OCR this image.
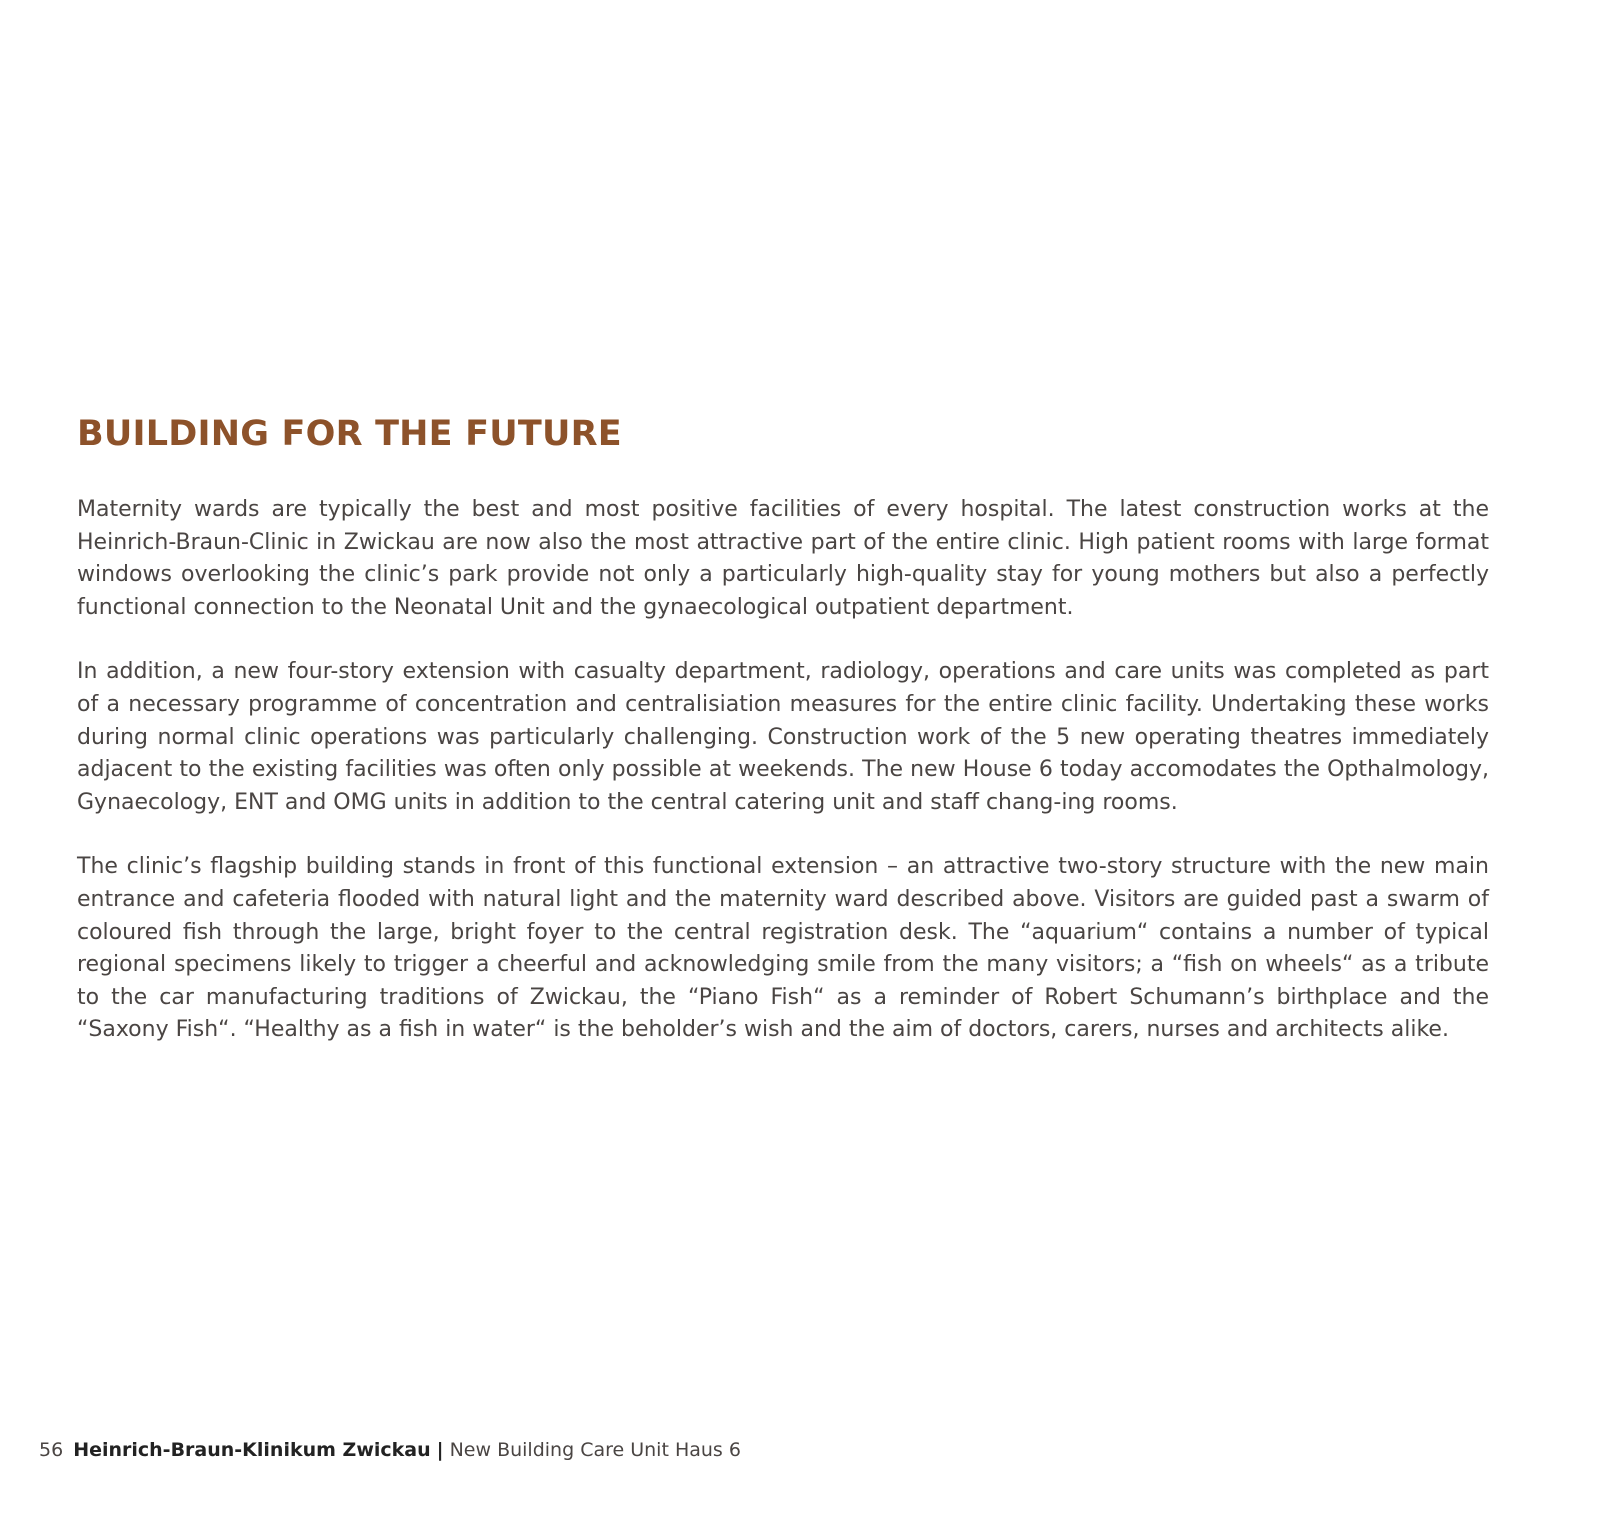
BUILDING FOR THE FUTURE

Maternity wards are typically the best and most positive facilities of every hospital. The latest construction works at the Heinrich-Braun-Clinic in Zwickau are now also the most attractive part of the entire clinic. High patient rooms with large format windows overlooking the clinic’s park provide not only a particularly high-quality stay for young mothers but also a perfectly functional connection to the Neonatal Unit and the gynaecological outpatient department.

In addition, a new four-story extension with casualty department, radiology, operations and care units was completed as part of a necessary programme of concentration and centralisiation measures for the entire clinic facility. Undertaking these works during normal clinic operations was particularly challenging. Construction work of the 5 new operating theatres immediately adjacent to the existing facilities was often only possible at weekends. The new House 6 today accomodates the Opthalmology, Gynaecology, ENT and OMG units in addition to the central catering unit and staff chang-ing rooms.

The clinic’s flagship building stands in front of this functional extension – an attractive two-story structure with the new main entrance and cafeteria flooded with natural light and the maternity ward described above. Visitors are guided past a swarm of coloured fish through the large, bright foyer to the central registration desk. The “aquarium“ contains a number of typical regional specimens likely to trigger a cheerful and acknowledging smile from the many visitors; a “fish on wheels“ as a tribute to the car manufacturing traditions of Zwickau, the “Piano Fish“ as a reminder of Robert Schumann’s birthplace and the “Saxony Fish“. “Healthy as a fish in water“ is the beholder’s wish and the aim of doctors, carers, nurses and architects alike.

56 Heinrich-Braun-Klinikum Zwickau | New Building Care Unit Haus 6
